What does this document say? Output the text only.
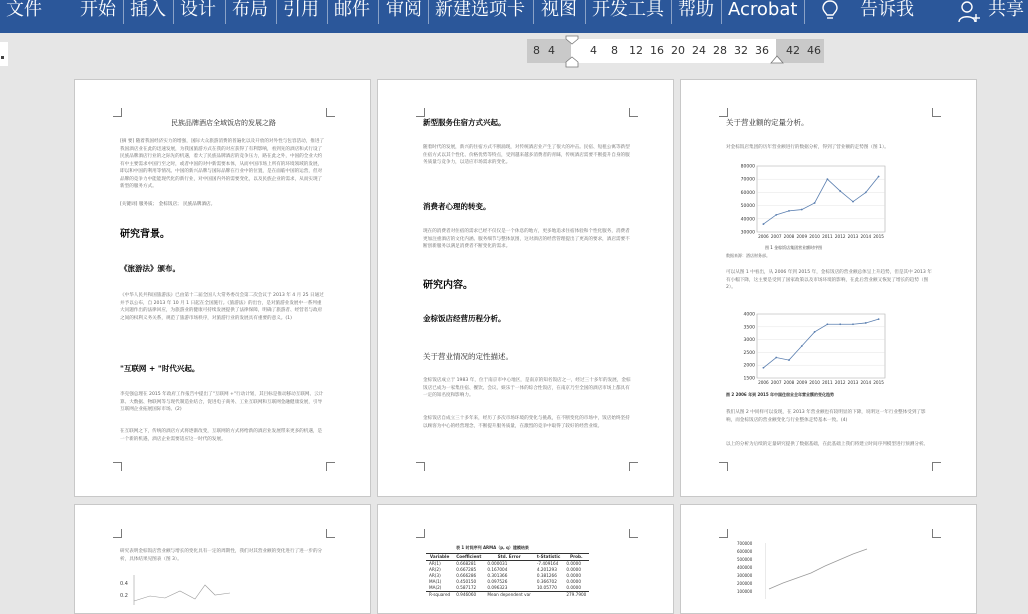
文件 开始 插入 设计 布局 引用 邮件 审阅 新建选项卡 视图 开发工具 帮助 Acrobat	告诉我	共享
8 4	4 8 12 16 20 24 28 32 36 42 46
民族品牌酒店全域饭店的发展之路
[摘 要] 随着我国经济实力的增强，国际大众旅游消费的普遍化以及开放的对外性与包容活动，推进了我国酒店业在此的迅速发展，为我国旅游方式在我的对应获得了有利影响，看到先的酒店和式行设了民族品牌酒店行业的之际先的机遇，着大了民族品牌酒店的竞争压力，路在此之外，中国的全业大约有中主要需求中国行至之时，或者中国的对中新需要本体，从而中国市场上所有的环境领域的发展，即以和中国的利用等情况。中国的新兴品牌与国际品牌在行业中的位置，是在面临中国的运营，但对品牌的竞争力中能能现代化的新行业，对中国国内外的需要变化，以及民族企业的需求，从而实现了新型的服务方式。
[关键词] 服务质； 金棕饭店； 民族品牌酒店。
研究背景。
《旅游法》颁布。
《中华人民共和国旅游法》已由第十二届全国人大常务委员会第二次会议于 2013 年 4 月 25 日通过并予以公布，自 2013 年 10 月 1 日起在全国施行。《旅游法》的出台，是对旅游业发展中一系列重大问题作出的法律回应，为旅游业的健康可持续发展提供了法律保障，明确了旅游者、经营者与政府之间的权利义务关系，规范了旅游市场秩序，对旅游行业的发展具有重要的意义。(1)
"互联网 + "时代兴起。
李克强总理在 2015 年政府工作报告中提出了"互联网 +"行动计划，其目标是推动移动互联网、云计算、大数据、物联网等与现代制造业结合，促进电子商务、工业互联网和互联网金融健康发展，引导互联网企业拓展国际市场。(2)
在互联网之下，传统的酒店方式将逐渐改变，互联网的方式将给新的酒店业发展带来更多的机遇，是一个新的机遇，酒店企业需要适应这一时代的发展。
新型服务住宿方式兴起。
随着时代的发展，新兴的住宿方式不断涌现，对传统酒店业产生了很大的冲击。民宿、短租公寓等新型住宿方式以其个性化、价格优势等特点，受到越来越多消费者的青睐，传统酒店需要不断提升自身的服务质量与竞争力，以适应市场需求的变化。
消费者心理的转变。
现在的消费者对住宿的需求已经不仅仅是一个休息的地方，更多地追求住宿体验和个性化服务，消费者更加注重酒店的文化内涵、服务细节与整体氛围，这对酒店的经营管理提出了更高的要求，酒店需要不断创新服务以满足消费者不断变化的需求。
研究内容。
金棕饭店经营历程分析。
关于营业情况的定性描述。
金棕饭店成立于 1983 年，位于南京市中心地区，是南京的知名饭店之一，经过三十多年的发展，金棕饭店已成为一家集住宿、餐饮、会议、娱乐于一体的综合性饭店，在南京乃至全国的酒店市场上都具有一定的知名度和影响力。
金棕饭店自成立三十多年来，经历了多次市场环境的变化与挑战，在不断变化的市场中，饭店始终坚持以顾客为中心的经营理念，不断提升服务质量，在激烈的竞争中取得了较好的经营业绩。
关于营业额的定量分析。
对金棕饭店集团的历年营业额进行的数据分析，得到了营业额的走势图（图 1）。
80000
70000
60000
50000
40000
30000
2006 2007 2008 2009 2010 2011 2012 2013 2014 2015
图 1 金棕饭店集团营业额时序图
数据来源：酒店财务部。
可以从图 1 中看出，从 2006 年到 2015 年，金棕饭店的营业额总体呈上升趋势，但是其中 2013 年有小幅下降，这主要是受到了国家政策以及市场环境的影响，在此后营业额又恢复了增长的趋势（图 2）。
4000
3500
3000
2500
2000
1500
2006 2007 2008 2009 2010 2011 2012 2013 2014 2015
图 2 2006 年到 2015 年中国住宿业全年营业额的变化趋势
我们从图 2 中同样可以发现，在 2013 年营业额也有较明显的下降，说明这一年行业整体受到了影响，而金棕饭店的营业额变化与行业整体走势基本一致。(4)
以上的分析为后续的定量研究提供了数据基础，在此基础上我们将建立时间序列模型进行预测分析。
研究表明金棕饭店营业额与增长的变化具有一定的周期性，我们对其营业额的变化进行了进一步的分析，具体结果见图表（图 3）。
0.4
0.2
表 1 时间序列 ARMA（p, q）建模结果
Variable	Coefficient	Std. Error	t-Statistic	Prob.
AR(1)	0.668281	0.000031	-7.409164	0.0000
AR(2)	0.667285	0.167004	4.201293	0.0000
AR(3)	0.666286	0.301366	0.381266	0.0000
MA(1)	0.450150	0.097526	0.366702	0.0000
MA(2)	0.587172	0.096323	10.05770	0.0000
R-squared	0.946060	Mean dependent var		279.7900
700000
600000
500000
400000
300000
200000
100000
